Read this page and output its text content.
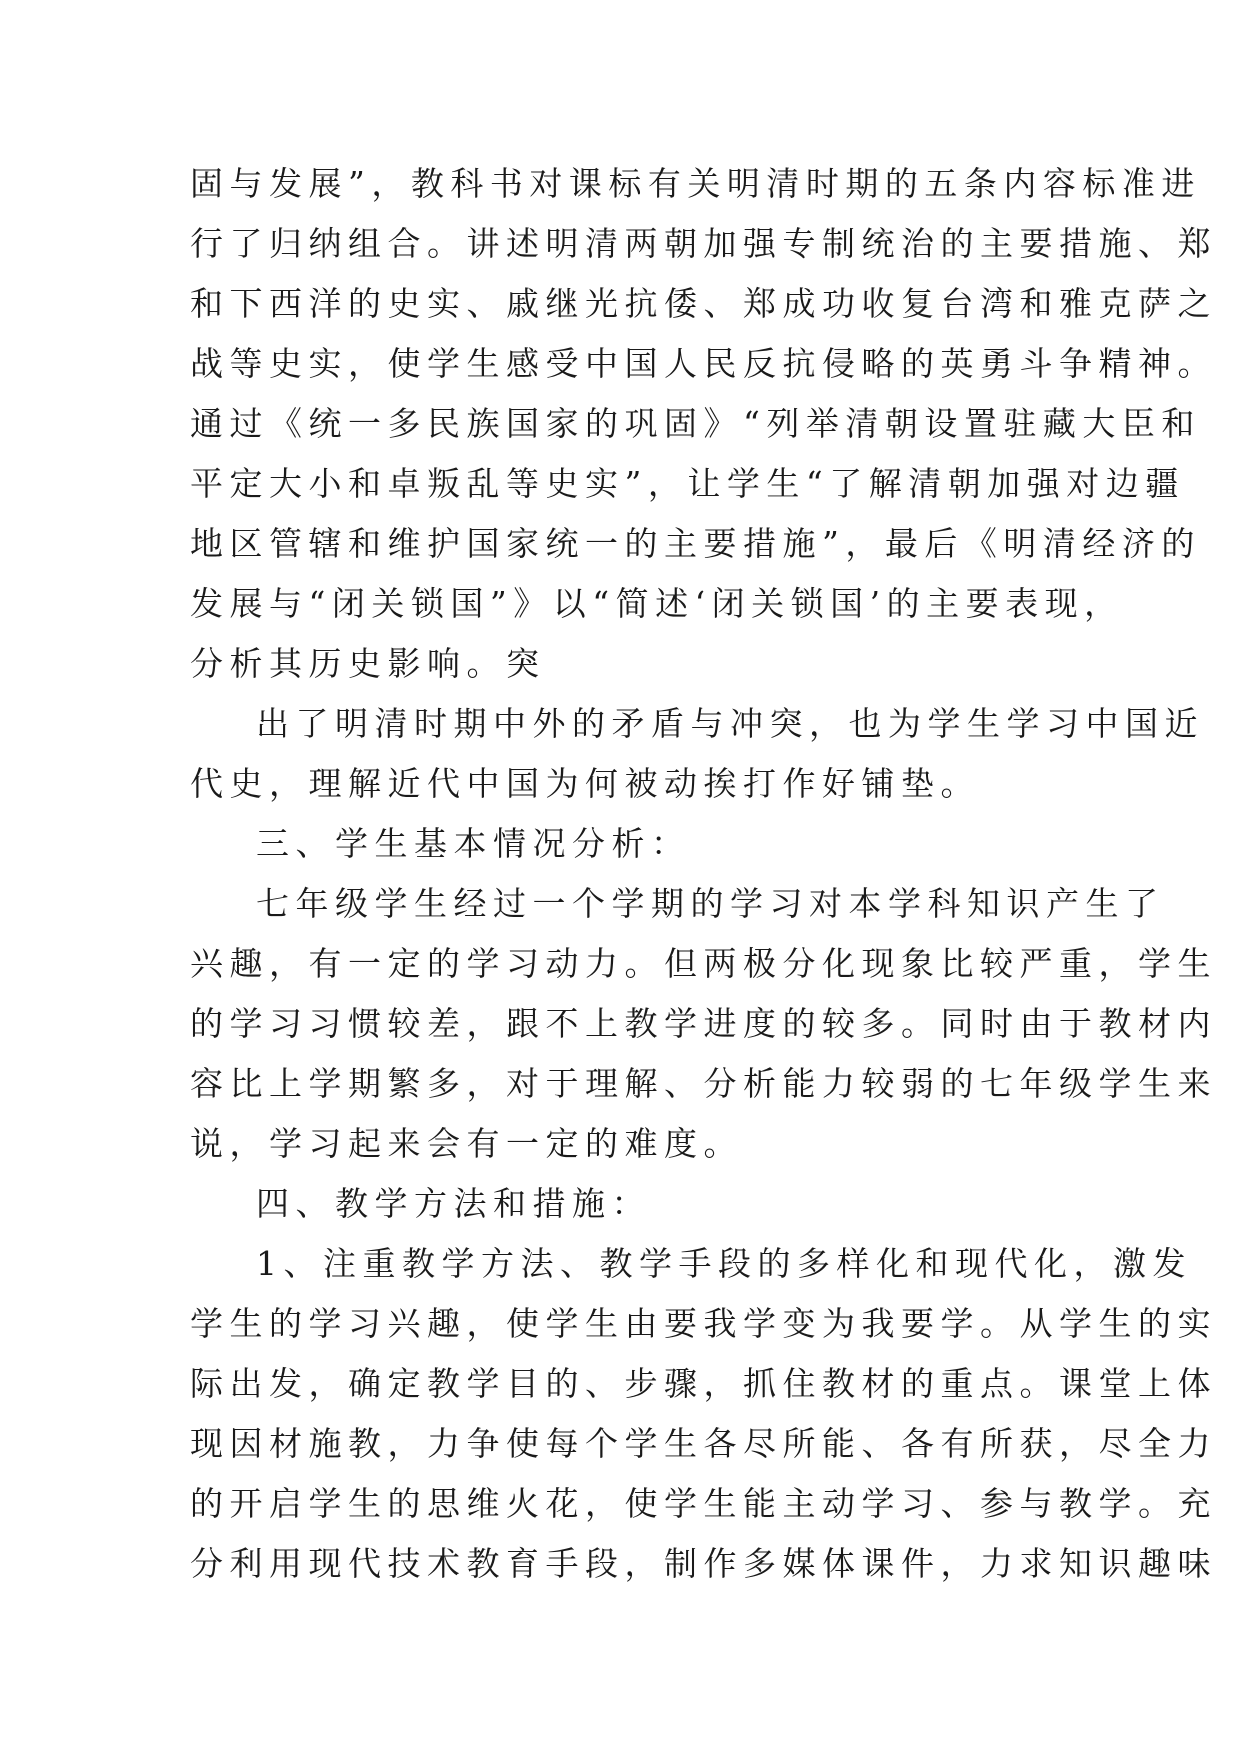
固与发展”，教科书对课标有关明清时期的五条内容标准进
行了归纳组合。讲述明清两朝加强专制统治的主要措施、郑
和下西洋的史实、戚继光抗倭、郑成功收复台湾和雅克萨之
战等史实，使学生感受中国人民反抗侵略的英勇斗争精神。
通过《统一多民族国家的巩固》“列举清朝设置驻藏大臣和
平定大小和卓叛乱等史实”，让学生“了解清朝加强对边疆
地区管辖和维护国家统一的主要措施”，最后《明清经济的
发展与“闭关锁国”》以“简述‘闭关锁国’的主要表现，
分析其历史影响。突
出了明清时期中外的矛盾与冲突，也为学生学习中国近
代史，理解近代中国为何被动挨打作好铺垫。
三、学生基本情况分析：
七年级学生经过一个学期的学习对本学科知识产生了
兴趣，有一定的学习动力。但两极分化现象比较严重，学生
的学习习惯较差，跟不上教学进度的较多。同时由于教材内
容比上学期繁多，对于理解、分析能力较弱的七年级学生来
说，学习起来会有一定的难度。
四、教学方法和措施：
1、注重教学方法、教学手段的多样化和现代化，激发
学生的学习兴趣，使学生由要我学变为我要学。从学生的实
际出发，确定教学目的、步骤，抓住教材的重点。课堂上体
现因材施教，力争使每个学生各尽所能、各有所获，尽全力
的开启学生的思维火花，使学生能主动学习、参与教学。充
分利用现代技术教育手段，制作多媒体课件，力求知识趣味
